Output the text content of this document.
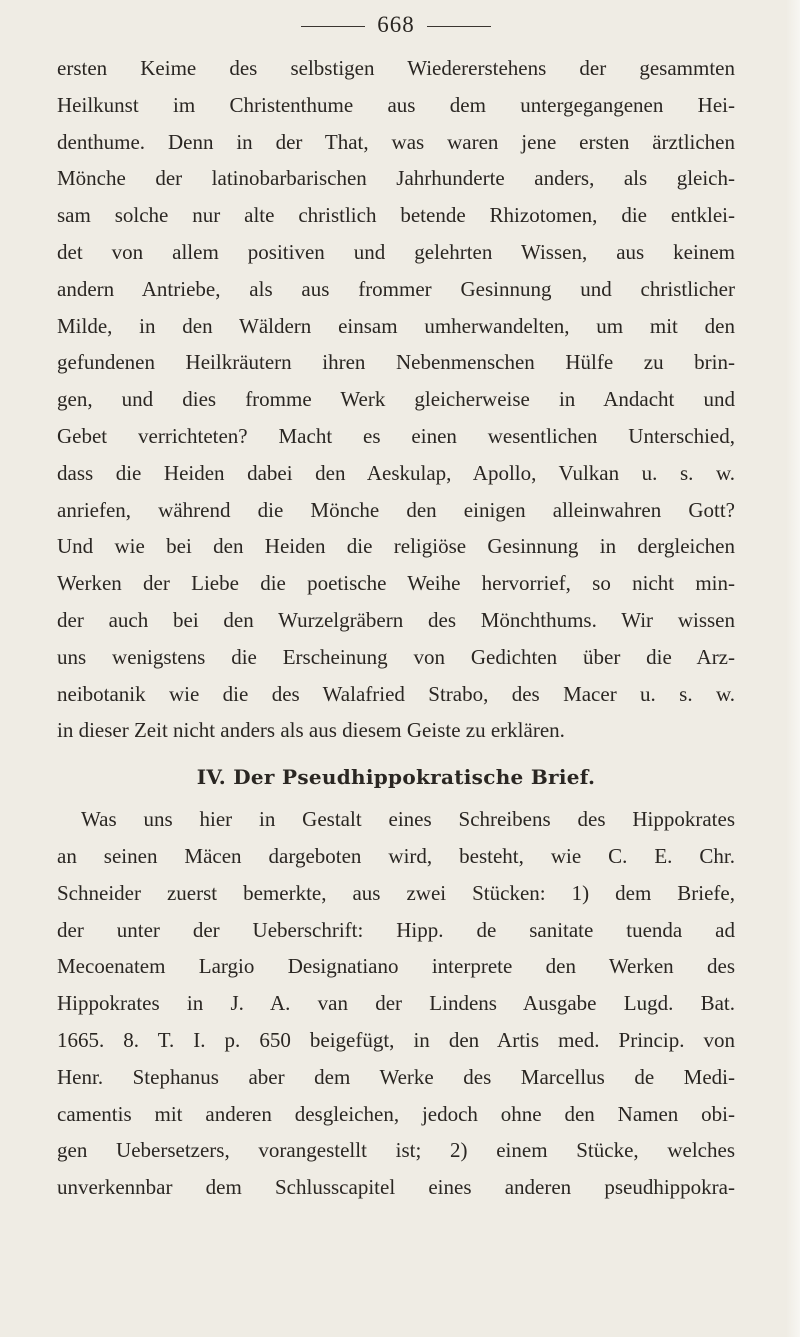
668
ersten Keime des selbstigen Wiedererstehens der gesammten
Heilkunst im Christenthume aus dem untergegangenen Hei-
denthume. Denn in der That, was waren jene ersten ärztlichen
Mönche der latinobarbarischen Jahrhunderte anders, als gleich-
sam solche nur alte christlich betende Rhizotomen, die entklei-
det von allem positiven und gelehrten Wissen, aus keinem
andern Antriebe, als aus frommer Gesinnung und christlicher
Milde, in den Wäldern einsam umherwandelten, um mit den
gefundenen Heilkräutern ihren Nebenmenschen Hülfe zu brin-
gen, und dies fromme Werk gleicherweise in Andacht und
Gebet verrichteten? Macht es einen wesentlichen Unterschied,
dass die Heiden dabei den Aeskulap, Apollo, Vulkan u. s. w.
anriefen, während die Mönche den einigen alleinwahren Gott?
Und wie bei den Heiden die religiöse Gesinnung in dergleichen
Werken der Liebe die poetische Weihe hervorrief, so nicht min-
der auch bei den Wurzelgräbern des Mönchthums. Wir wissen
uns wenigstens die Erscheinung von Gedichten über die Arz-
neibotanik wie die des Walafried Strabo, des Macer u. s. w.
in dieser Zeit nicht anders als aus diesem Geiste zu erklären.
IV. Der Pseudhippokratische Brief.
Was uns hier in Gestalt eines Schreibens des Hippokrates
an seinen Mäcen dargeboten wird, besteht, wie C. E. Chr.
Schneider zuerst bemerkte, aus zwei Stücken: 1) dem Briefe,
der unter der Ueberschrift: Hipp. de sanitate tuenda ad
Mecoenatem Largio Designatiano interprete den Werken des
Hippokrates in J. A. van der Lindens Ausgabe Lugd. Bat.
1665. 8. T. I. p. 650 beigefügt, in den Artis med. Princip. von
Henr. Stephanus aber dem Werke des Marcellus de Medi-
camentis mit anderen desgleichen, jedoch ohne den Namen obi-
gen Uebersetzers, vorangestellt ist; 2) einem Stücke, welches
unverkennbar dem Schlusscapitel eines anderen pseudhippokra-
